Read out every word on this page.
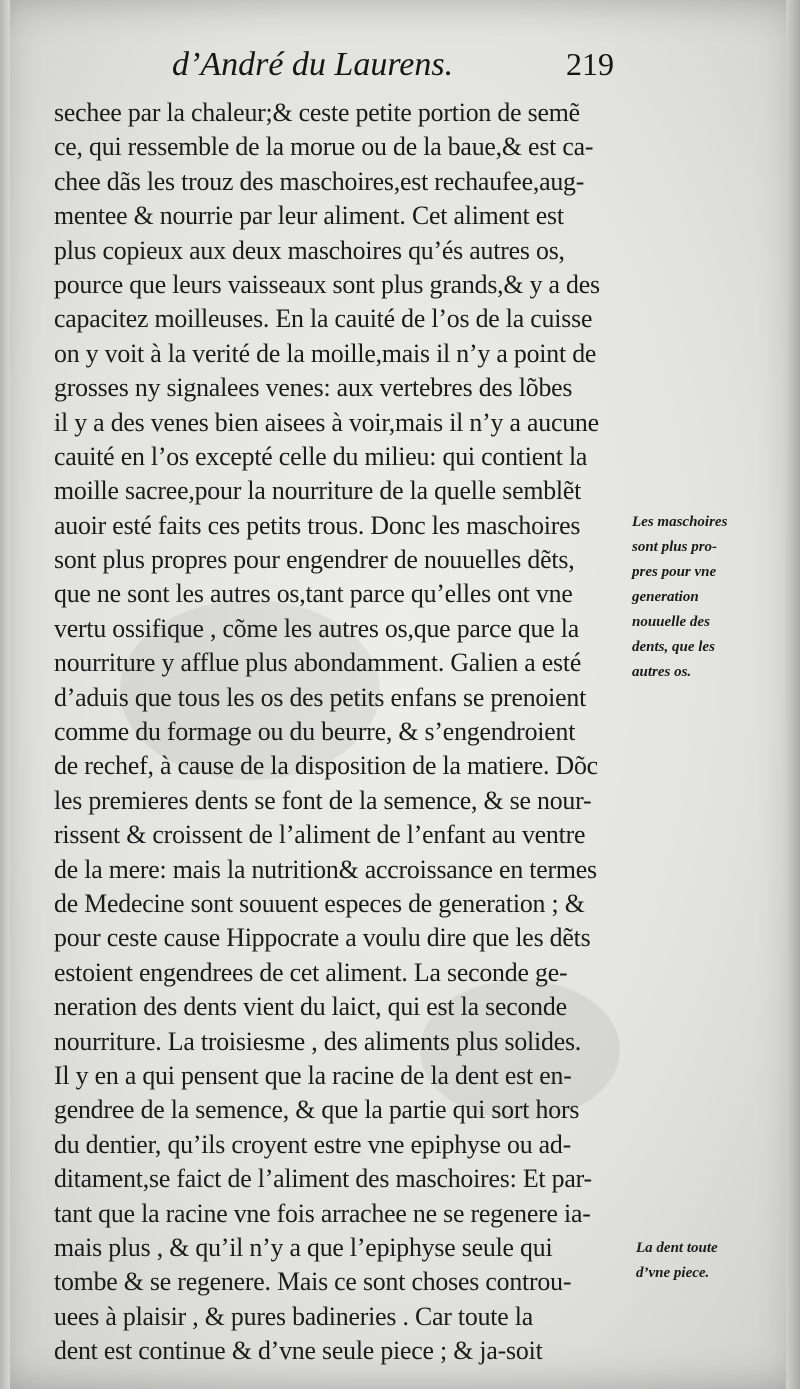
d’André du Laurens.	219
sechee par la chaleur;& ceste petite portion de semẽ
ce, qui ressemble de la morue ou de la baue,& est ca-
chee dãs les trouz des maschoires,est rechaufee,aug-
mentee & nourrie par leur aliment. Cet aliment est
plus copieux aux deux maschoires qu’és autres os,
pource que leurs vaisseaux sont plus grands,& y a des
capacitez moilleuses. En la cauité de l’os de la cuisse
on y voit à la verité de la moille,mais il n’y a point de
grosses ny signalees venes: aux vertebres des lõbes
il y a des venes bien aisees à voir,mais il n’y a aucune
cauité en l’os excepté celle du milieu: qui contient la
moille sacree,pour la nourriture de la quelle semblẽt
auoir esté faits ces petits trous. Donc les maschoires
sont plus propres pour engendrer de nouuelles dẽts,
que ne sont les autres os,tant parce qu’elles ont vne
vertu ossifique , cõme les autres os,que parce que la
nourriture y afflue plus abondamment. Galien a esté
d’aduis que tous les os des petits enfans se prenoient
comme du formage ou du beurre, & s’engendroient
de rechef, à cause de la disposition de la matiere. Dõc
les premieres dents se font de la semence, & se nour-
rissent & croissent de l’aliment de l’enfant au ventre
de la mere: mais la nutrition& accroissance en termes
de Medecine sont souuent especes de generation ; &
pour ceste cause Hippocrate a voulu dire que les dẽts
estoient engendrees de cet aliment. La seconde ge-
neration des dents vient du laict, qui est la seconde
nourriture. La troisiesme , des aliments plus solides.
Il y en a qui pensent que la racine de la dent est en-
gendree de la semence, & que la partie qui sort hors
du dentier, qu’ils croyent estre vne epiphyse ou ad-
ditament,se faict de l’aliment des maschoires: Et par-
tant que la racine vne fois arrachee ne se regenere ia-
mais plus , & qu’il n’y a que l’epiphyse seule qui
tombe & se regenere. Mais ce sont choses controu-
uees à plaisir , & pures badineries . Car toute la
dent est continue & d’vne seule piece ; & ja-soit
Les maschoires
sont plus pro-
pres pour vne
generation
nouuelle des
dents, que les
autres os.
La dent toute
d’vne piece.
